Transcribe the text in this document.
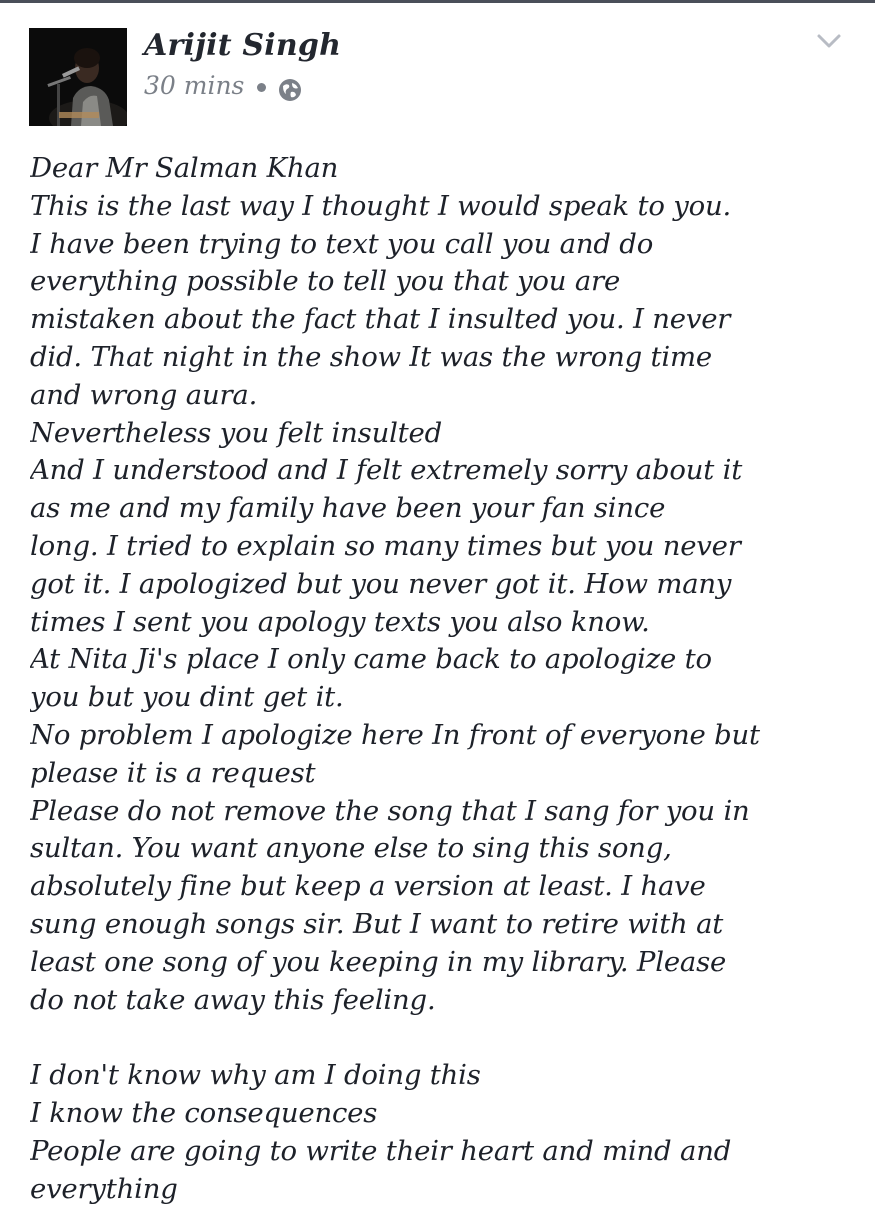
Arijit Singh
30 mins
Dear Mr Salman Khan
This is the last way I thought I would speak to you.
I have been trying to text you call you and do
everything possible to tell you that you are
mistaken about the fact that I insulted you. I never
did. That night in the show It was the wrong time
and wrong aura.
Nevertheless you felt insulted
And I understood and I felt extremely sorry about it
as me and my family have been your fan since
long. I tried to explain so many times but you never
got it. I apologized but you never got it. How many
times I sent you apology texts you also know.
At Nita Ji's place I only came back to apologize to
you but you dint get it.
No problem I apologize here In front of everyone but
please it is a request
Please do not remove the song that I sang for you in
sultan. You want anyone else to sing this song,
absolutely fine but keep a version at least. I have
sung enough songs sir. But I want to retire with at
least one song of you keeping in my library. Please
do not take away this feeling.
I don't know why am I doing this
I know the consequences
People are going to write their heart and mind and
everything
